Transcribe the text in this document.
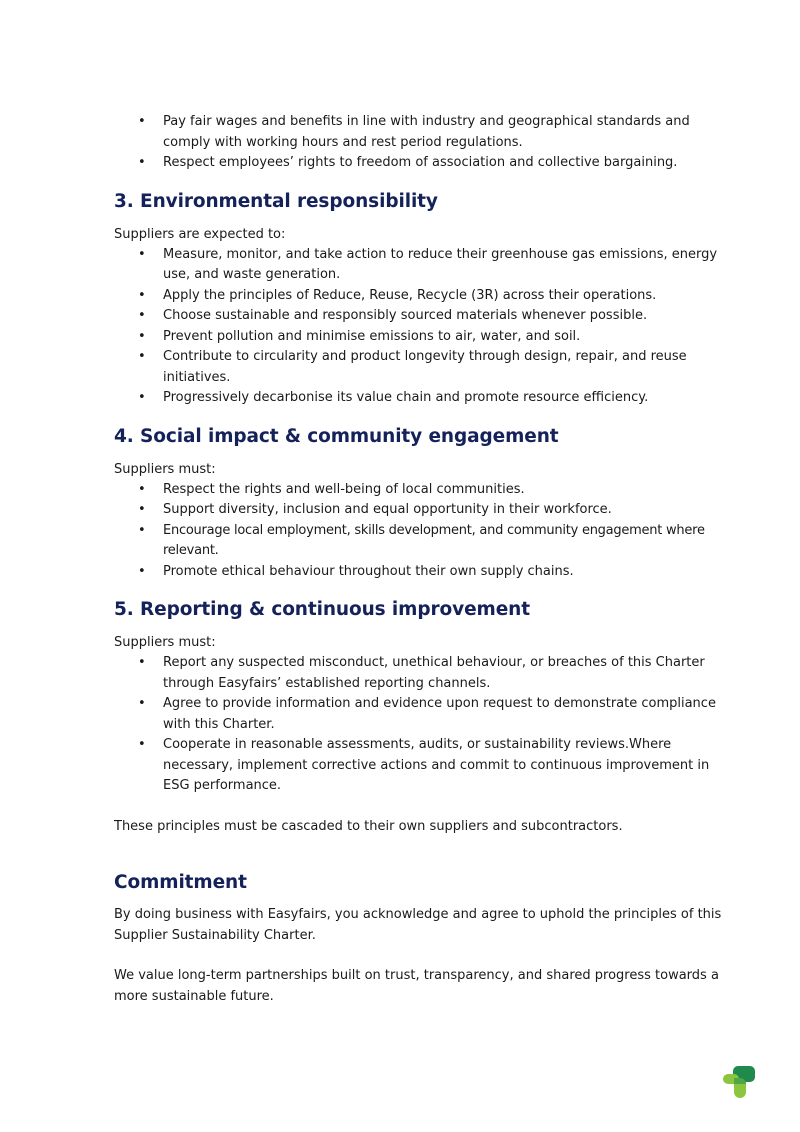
• Pay fair wages and benefits in line with industry and geographical standards and comply with working hours and rest period regulations.
• Respect employees’ rights to freedom of association and collective bargaining.
3. Environmental responsibility

Suppliers are expected to:

• Measure, monitor, and take action to reduce their greenhouse gas emissions, energy use, and waste generation.
• Apply the principles of Reduce, Reuse, Recycle (3R) across their operations.
• Choose sustainable and responsibly sourced materials whenever possible.
• Prevent pollution and minimise emissions to air, water, and soil.
• Contribute to circularity and product longevity through design, repair, and reuse initiatives.
• Progressively decarbonise its value chain and promote resource efficiency.
4. Social impact & community engagement

Suppliers must:

• Respect the rights and well-being of local communities.
• Support diversity, inclusion and equal opportunity in their workforce.
• Encourage local employment, skills development, and community engagement where relevant.
• Promote ethical behaviour throughout their own supply chains.
5. Reporting & continuous improvement

Suppliers must:

• Report any suspected misconduct, unethical behaviour, or breaches of this Charter through Easyfairs’ established reporting channels.
• Agree to provide information and evidence upon request to demonstrate compliance with this Charter.
• Cooperate in reasonable assessments, audits, or sustainability reviews.Where necessary, implement corrective actions and commit to continuous improvement in ESG performance.

These principles must be cascaded to their own suppliers and subcontractors.

Commitment

By doing business with Easyfairs, you acknowledge and agree to uphold the principles of this Supplier Sustainability Charter.

We value long-term partnerships built on trust, transparency, and shared progress towards a more sustainable future.
